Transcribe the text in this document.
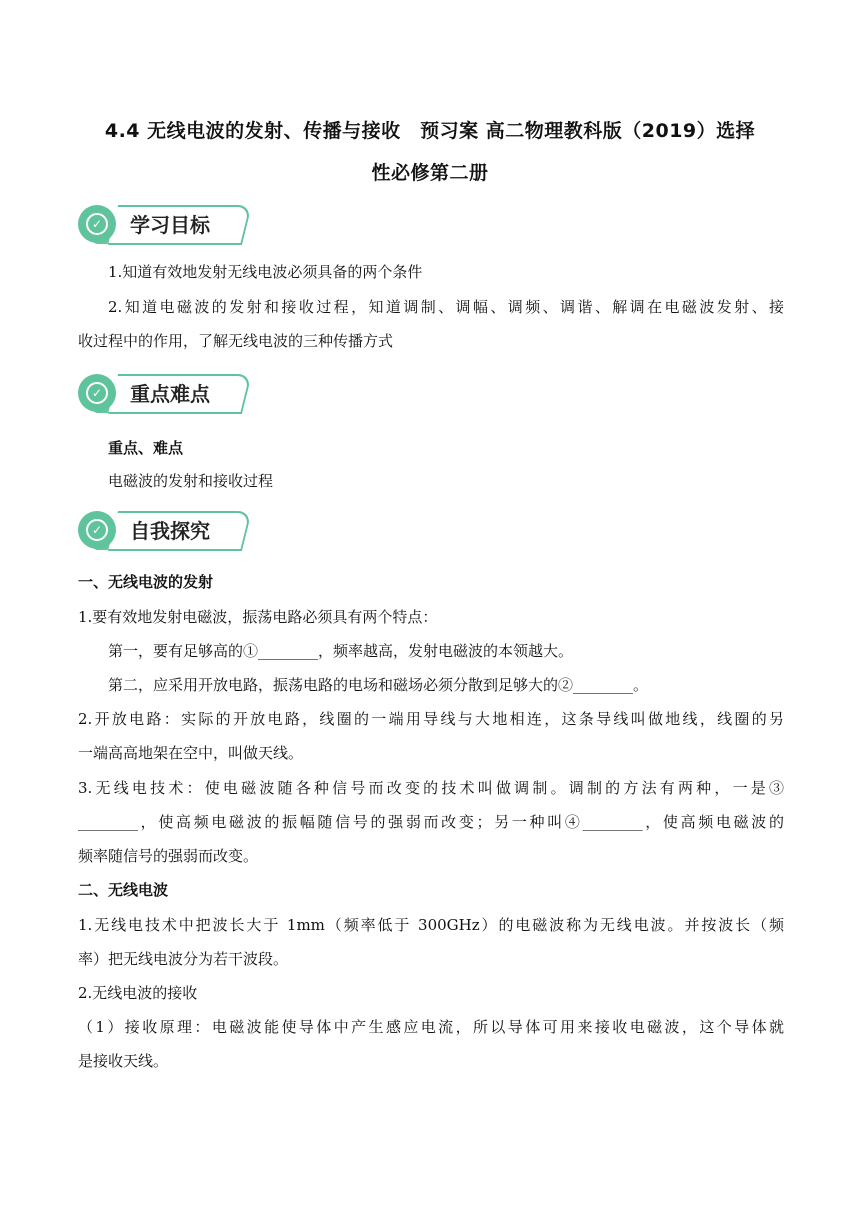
4.4 无线电波的发射、传播与接收　预习案 高二物理教科版（2019）选择
性必修第二册
✓ 学习目标
1.知道有效地发射无线电波必须具备的两个条件
2.知道电磁波的发射和接收过程，知道调制、调幅、调频、调谐、解调在电磁波发射、接
收过程中的作用，了解无线电波的三种传播方式
✓ 重点难点
重点、难点
电磁波的发射和接收过程
✓ 自我探究
一、无线电波的发射
1.要有效地发射电磁波，振荡电路必须具有两个特点：
第一，要有足够高的①________，频率越高，发射电磁波的本领越大。
第二，应采用开放电路，振荡电路的电场和磁场必须分散到足够大的②________。
2.开放电路：实际的开放电路，线圈的一端用导线与大地相连，这条导线叫做地线，线圈的另
一端高高地架在空中，叫做天线。
3.无线电技术：使电磁波随各种信号而改变的技术叫做调制。调制的方法有两种，一是③
________，使高频电磁波的振幅随信号的强弱而改变；另一种叫④________，使高频电磁波的
频率随信号的强弱而改变。
二、无线电波
1.无线电技术中把波长大于 1mm（频率低于 300GHz）的电磁波称为无线电波。并按波长（频
率）把无线电波分为若干波段。
2.无线电波的接收
（1）接收原理：电磁波能使导体中产生感应电流，所以导体可用来接收电磁波，这个导体就
是接收天线。
